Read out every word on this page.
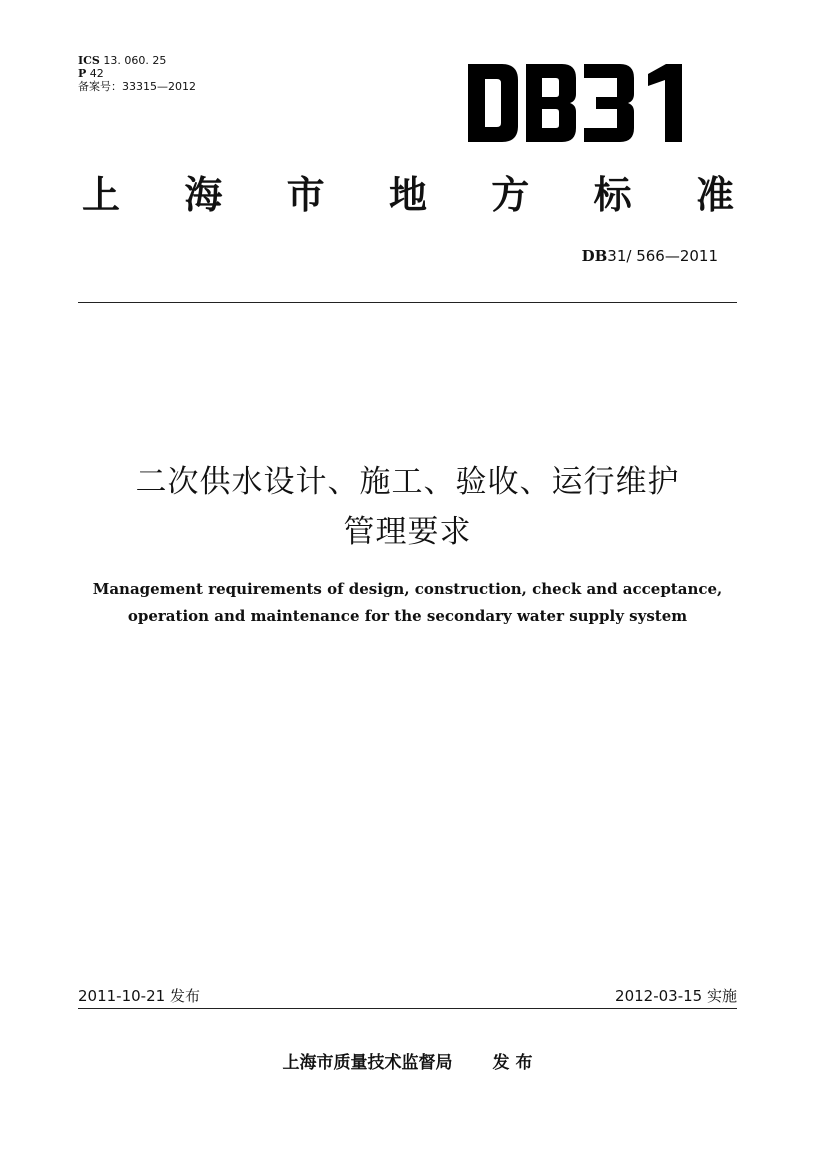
ICS 13. 060. 25
P 42
备案号：33315—2012
上 海 市 地 方 标 准
DB31/ 566—2011
二次供水设计、施工、验收、运行维护
管理要求
Management requirements of design, construction, check and acceptance,
operation and maintenance for the secondary water supply system
2011-10-21 发布	2012-03-15 实施
上海市质量技术监督局 发 布
